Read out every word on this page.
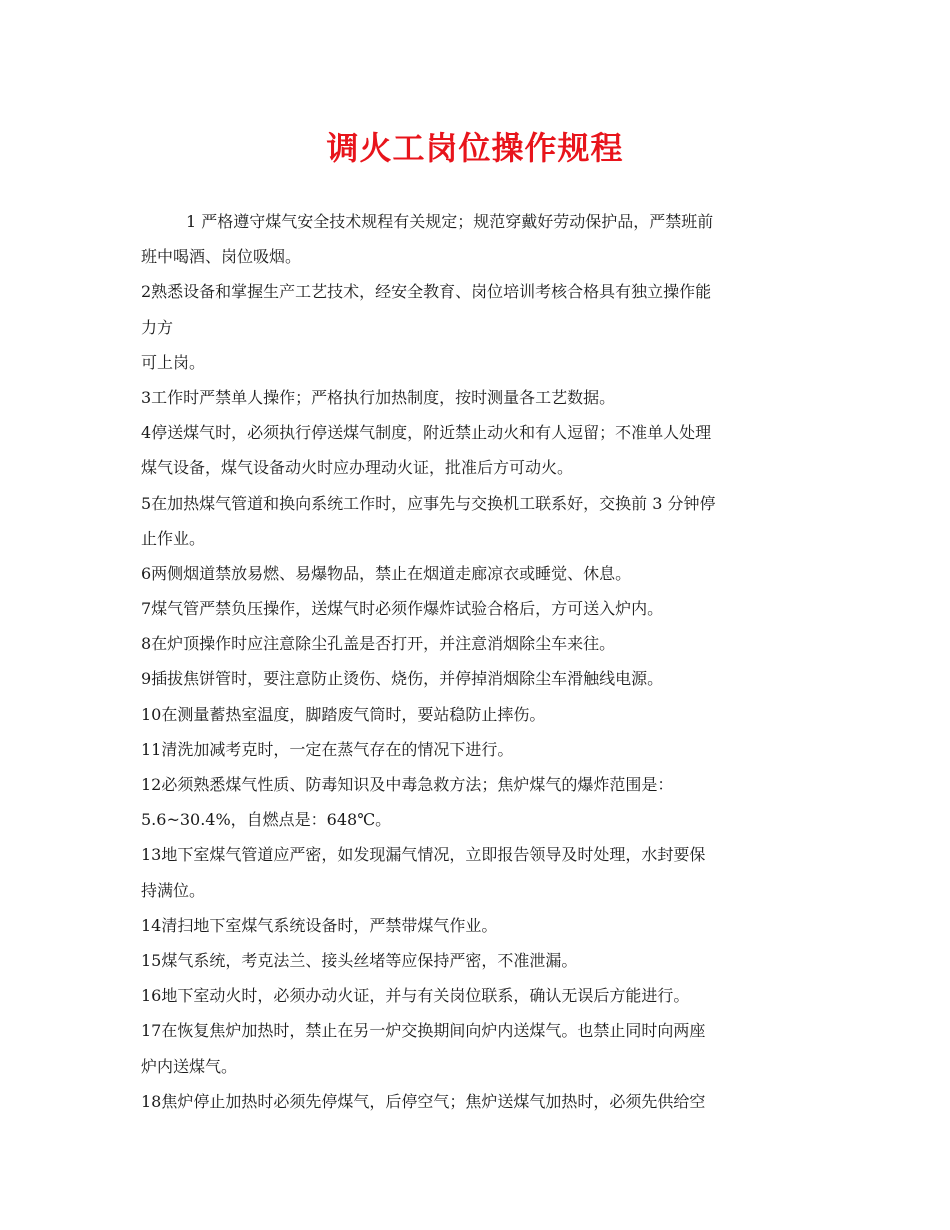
调火工岗位操作规程
1 严格遵守煤气安全技术规程有关规定；规范穿戴好劳动保护品，严禁班前
班中喝酒、岗位吸烟。
2熟悉设备和掌握生产工艺技术，经安全教育、岗位培训考核合格具有独立操作能
力方
可上岗。
3工作时严禁单人操作；严格执行加热制度，按时测量各工艺数据。
4停送煤气时，必须执行停送煤气制度，附近禁止动火和有人逗留；不准单人处理
煤气设备，煤气设备动火时应办理动火证，批准后方可动火。
5在加热煤气管道和换向系统工作时，应事先与交换机工联系好，交换前 3 分钟停
止作业。
6两侧烟道禁放易燃、易爆物品，禁止在烟道走廊凉衣或睡觉、休息。
7煤气管严禁负压操作，送煤气时必须作爆炸试验合格后，方可送入炉内。
8在炉顶操作时应注意除尘孔盖是否打开，并注意消烟除尘车来往。
9插拔焦饼管时，要注意防止烫伤、烧伤，并停掉消烟除尘车滑触线电源。
10在测量蓄热室温度，脚踏废气筒时，要站稳防止摔伤。
11清洗加减考克时，一定在蒸气存在的情况下进行。
12必须熟悉煤气性质、防毒知识及中毒急救方法；焦炉煤气的爆炸范围是：
5.6~30.4%，自燃点是：648℃。
13地下室煤气管道应严密，如发现漏气情况，立即报告领导及时处理，水封要保
持满位。
14清扫地下室煤气系统设备时，严禁带煤气作业。
15煤气系统，考克法兰、接头丝堵等应保持严密，不准泄漏。
16地下室动火时，必须办动火证，并与有关岗位联系，确认无误后方能进行。
17在恢复焦炉加热时，禁止在另一炉交换期间向炉内送煤气。也禁止同时向两座
炉内送煤气。
18焦炉停止加热时必须先停煤气，后停空气；焦炉送煤气加热时，必须先供给空
